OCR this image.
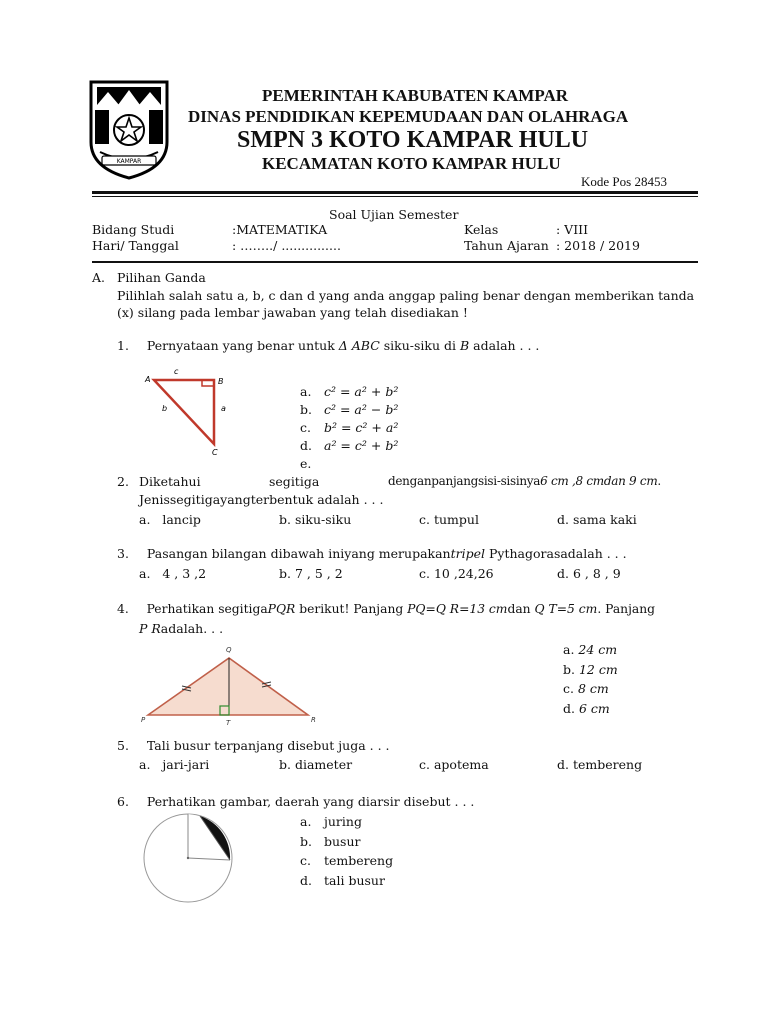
KAMPAR
PEMERINTAH KABUBATEN KAMPAR
DINAS PENDIDIKAN KEPEMUDAAN DAN OLAHRAGA
SMPN 3 KOTO KAMPAR HULU
KECAMATAN KOTO KAMPAR HULU
Kode Pos 28453
Soal Ujian Semester
Bidang Studi	:MATEMATIKA	Kelas	: VIII
Hari/ Tanggal	: ……../ ...............	Tahun Ajaran : 2018 / 2019
A. Pilihan Ganda
Pilihlah salah satu a, b, c dan d yang anda anggap paling benar dengan memberikan tanda
(x) silang pada lembar jawaban yang telah disediakan !
1. Pernyataan yang benar untuk Δ ABC siku-siku di B adalah . . .
A	B
C
a
b
c
a. c² = a² + b²
b. c² = a² − b²
c. b² = c² + a²
d. a² = c² + b²
e.
2. Diketahui	segitiga	denganpanjangsisi-sisinya6 cm ,8 cmdan 9 cm.
Jenissegitigayangterbentuk adalah . . .
a. lancip	b. siku-siku	c. tumpul	d. sama kaki
3. Pasangan bilangan dibawah iniyang merupakantripel Pythagorasadalah . . .
a. 4 , 3 ,2	b. 7 , 5 , 2	c. 10 ,24,26	d. 6 , 8 , 9
4. Perhatikan segitigaPQR berikut! Panjang PQ=Q R=13 cmdan Q T=5 cm. Panjang
P Radalah. . .
Q
P	T	R
a. 24 cm
b. 12 cm
c. 8 cm
d. 6 cm
5. Tali busur terpanjang disebut juga . . .
a. jari-jari	b. diameter	c. apotema	d. tembereng
6. Perhatikan gambar, daerah yang diarsir disebut . . .
a. juring
b. busur
c. tembereng
d. tali busur
